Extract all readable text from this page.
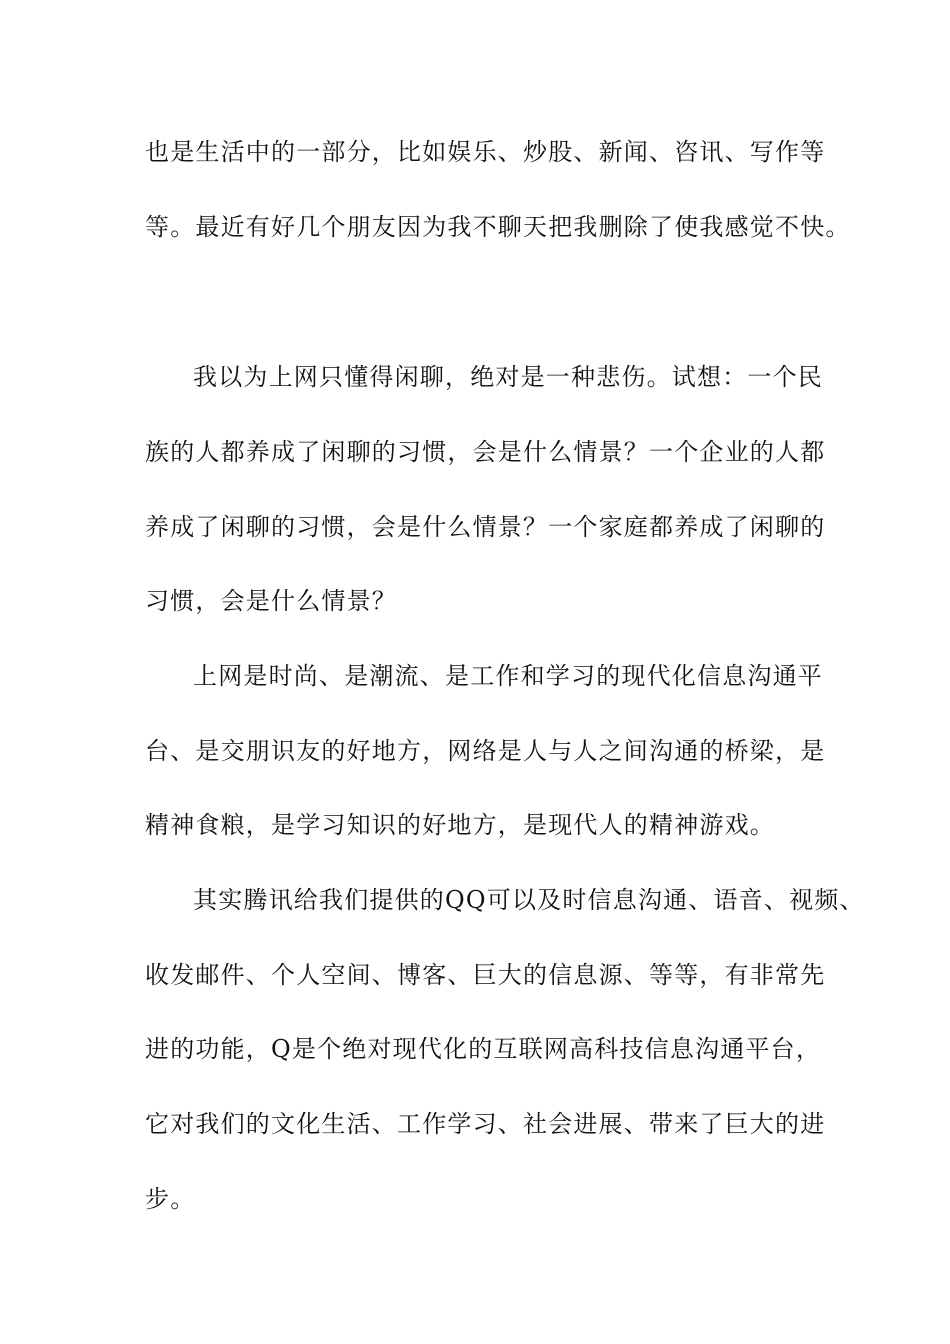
也是生活中的一部分，比如娱乐、炒股、新闻、咨讯、写作等

等。最近有好几个朋友因为我不聊天把我删除了使我感觉不快。

我以为上网只懂得闲聊，绝对是一种悲伤。试想：一个民

族的人都养成了闲聊的习惯，会是什么情景？一个企业的人都

养成了闲聊的习惯，会是什么情景？一个家庭都养成了闲聊的

习惯，会是什么情景？

上网是时尚、是潮流、是工作和学习的现代化信息沟通平

台、是交朋识友的好地方，网络是人与人之间沟通的桥梁，是

精神食粮，是学习知识的好地方，是现代人的精神游戏。

其实腾讯给我们提供的QQ可以及时信息沟通、语音、视频、

收发邮件、个人空间、博客、巨大的信息源、等等，有非常先

进的功能，Q是个绝对现代化的互联网高科技信息沟通平台，

它对我们的文化生活、工作学习、社会进展、带来了巨大的进

步。
